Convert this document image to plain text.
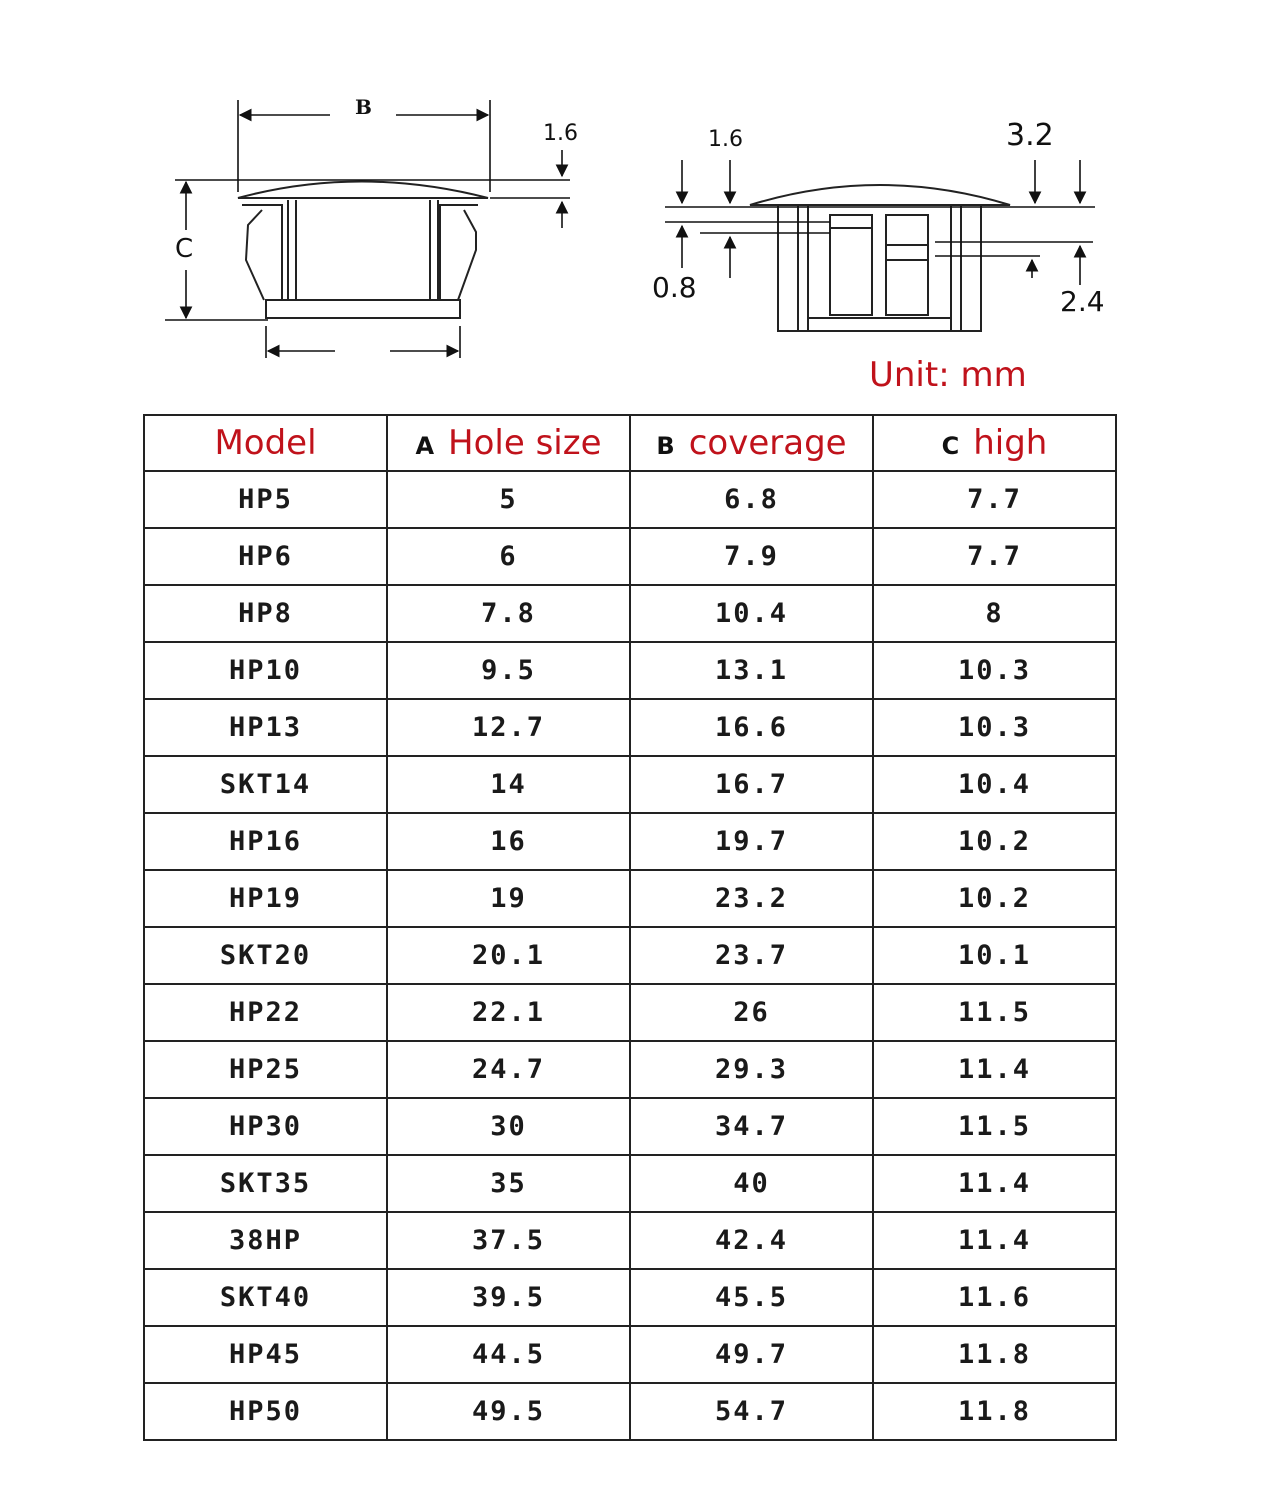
B
C
1.6	1.6	3.2
0.8	2.4
Unit: mm
Model	A Hole size	B coverage	C high
HP5	5	6.8	7.7
HP6	6	7.9	7.7
HP8	7.8	10.4	8
HP10	9.5	13.1	10.3
HP13	12.7	16.6	10.3
SKT14	14	16.7	10.4
HP16	16	19.7	10.2
HP19	19	23.2	10.2
SKT20	20.1	23.7	10.1
HP22	22.1	26	11.5
HP25	24.7	29.3	11.4
HP30	30	34.7	11.5
SKT35	35	40	11.4
38HP	37.5	42.4	11.4
SKT40	39.5	45.5	11.6
HP45	44.5	49.7	11.8
HP50	49.5	54.7	11.8
